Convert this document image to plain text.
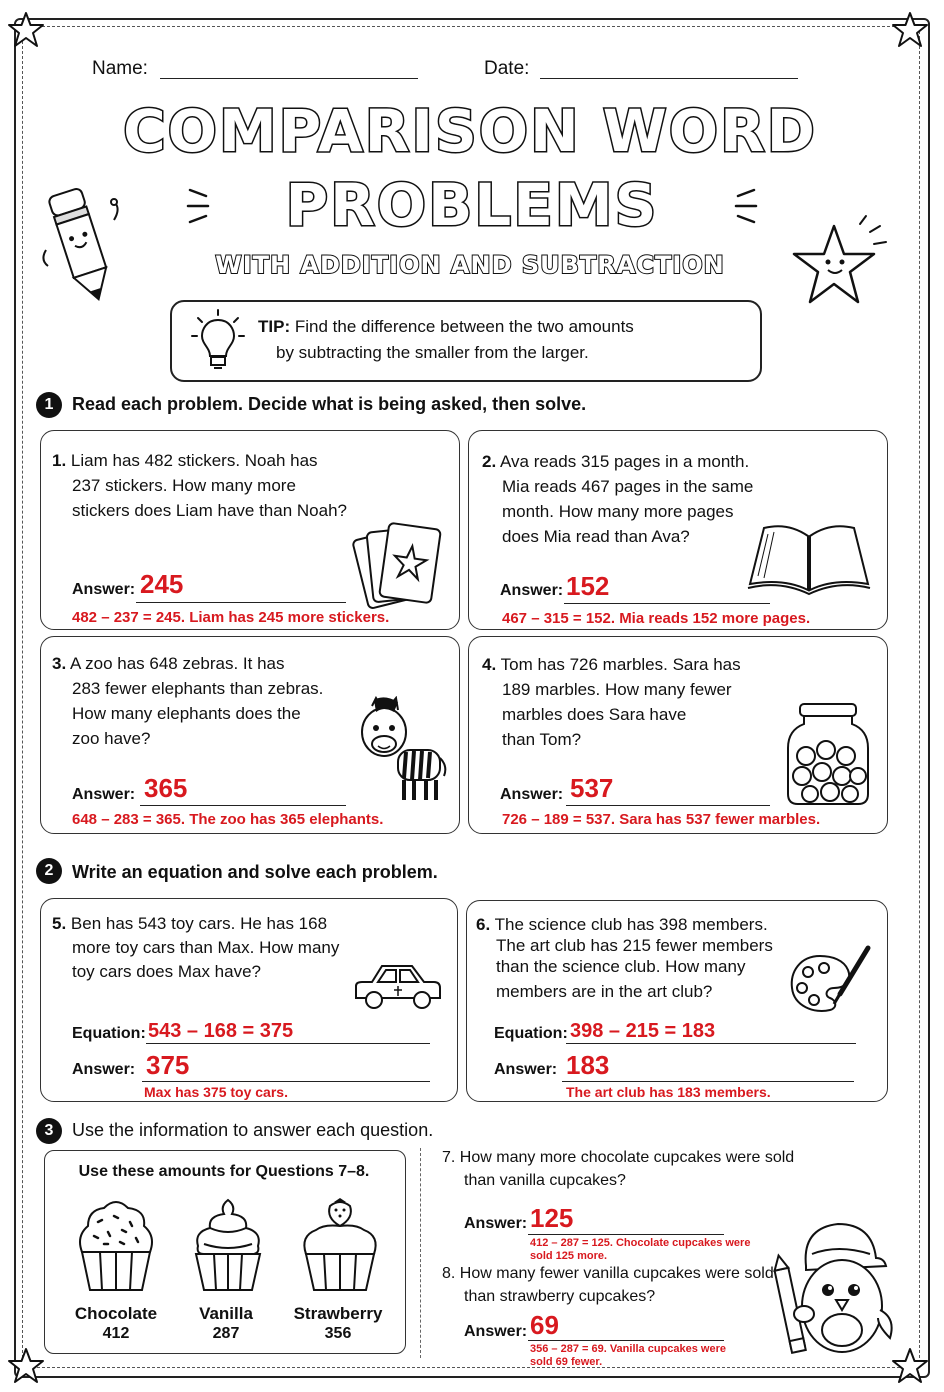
Name:	Date:
COMPARISON WORD
PROBLEMS
WITH ADDITION AND SUBTRACTION
TIP: Find the difference between the two amounts
by subtracting the smaller from the larger.
1	Read each problem. Decide what is being asked, then solve.
1. Liam has 482 stickers. Noah has
237 stickers. How many more
stickers does Liam have than Noah?
Answer: 245
482 – 237 = 245. Liam has 245 more stickers.
2. Ava reads 315 pages in a month.
Mia reads 467 pages in the same
month. How many more pages
does Mia read than Ava?
Answer: 152
467 – 315 = 152. Mia reads 152 more pages.
3. A zoo has 648 zebras. It has
283 fewer elephants than zebras.
How many elephants does the
zoo have?
Answer: 365
648 – 283 = 365. The zoo has 365 elephants.
4. Tom has 726 marbles. Sara has
189 marbles. How many fewer
marbles does Sara have
than Tom?
Answer: 537
726 – 189 = 537. Sara has 537 fewer marbles.
2	Write an equation and solve each problem.
5. Ben has 543 toy cars. He has 168
more toy cars than Max. How many
toy cars does Max have?
Equation: 543 – 168 = 375
Answer: 375
Max has 375 toy cars.
6. The science club has 398 members.
The art club has 215 fewer members
than the science club. How many
members are in the art club?
Equation: 398 – 215 = 183
Answer: 183
The art club has 183 members.
3	Use the information to answer each question.
Use these amounts for Questions 7–8.
Chocolate
412
Vanilla
287
Strawberry
356
7. How many more chocolate cupcakes were sold
than vanilla cupcakes?
Answer: 125
412 – 287 = 125. Chocolate cupcakes were
sold 125 more.
8. How many fewer vanilla cupcakes were sold
than strawberry cupcakes?
Answer: 69
356 – 287 = 69. Vanilla cupcakes were
sold 69 fewer.
